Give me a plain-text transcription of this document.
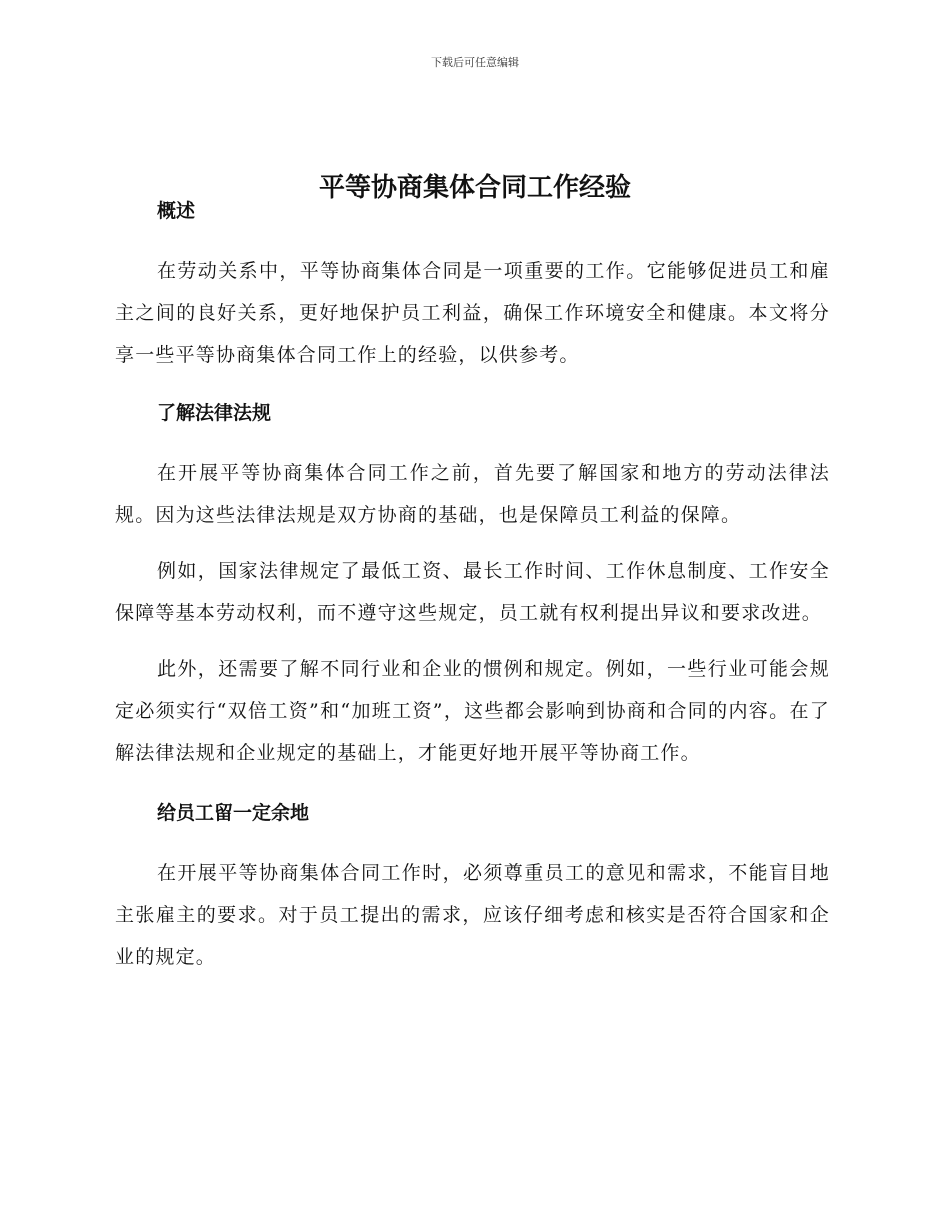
下载后可任意编辑
平等协商集体合同工作经验
概述

在劳动关系中，平等协商集体合同是一项重要的工作。它能够促进员工和雇主之间的良好关系，更好地保护员工利益，确保工作环境安全和健康。本文将分享一些平等协商集体合同工作上的经验，以供参考。

了解法律法规

在开展平等协商集体合同工作之前，首先要了解国家和地方的劳动法律法规。因为这些法律法规是双方协商的基础，也是保障员工利益的保障。

例如，国家法律规定了最低工资、最长工作时间、工作休息制度、工作安全保障等基本劳动权利，而不遵守这些规定，员工就有权利提出异议和要求改进。

此外，还需要了解不同行业和企业的惯例和规定。例如，一些行业可能会规定必须实行“双倍工资”和“加班工资”，这些都会影响到协商和合同的内容。在了解法律法规和企业规定的基础上，才能更好地开展平等协商工作。

给员工留一定余地

在开展平等协商集体合同工作时，必须尊重员工的意见和需求，不能盲目地主张雇主的要求。对于员工提出的需求，应该仔细考虑和核实是否符合国家和企业的规定。
